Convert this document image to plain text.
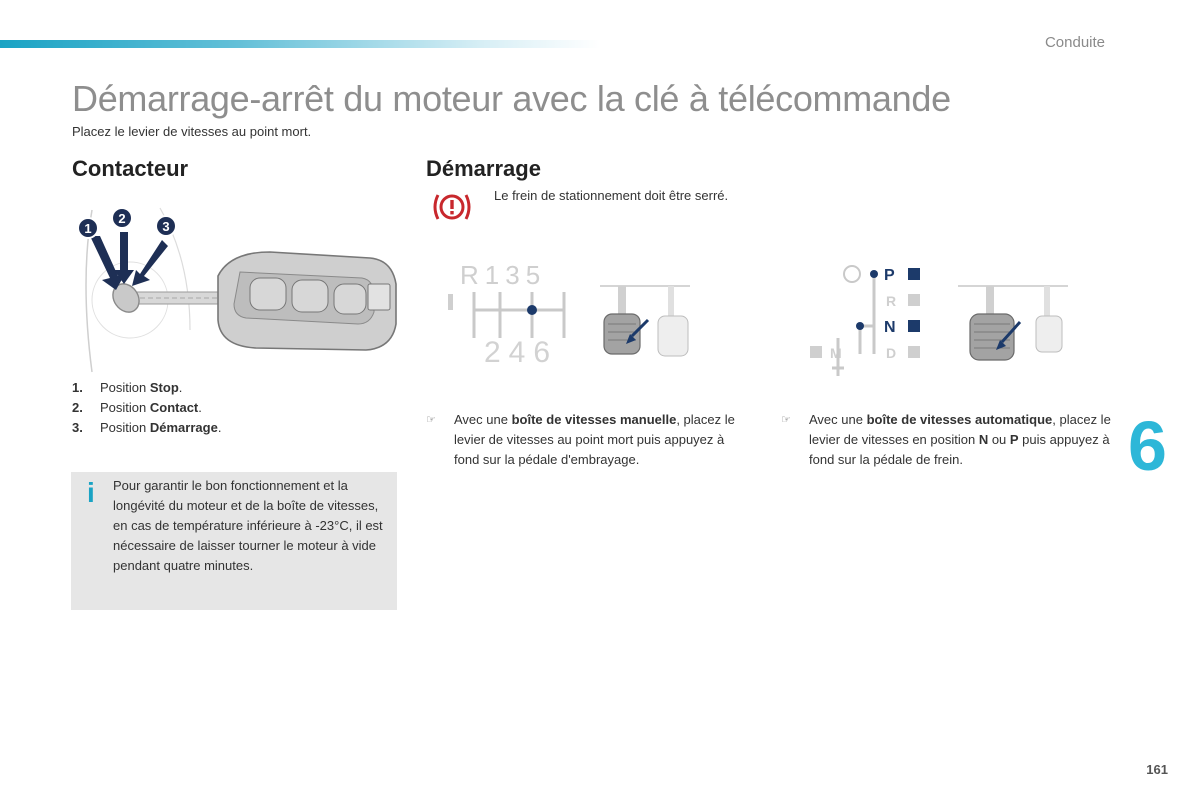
Conduite
Démarrage-arrêt du moteur avec la clé à télécommande
Placez le levier de vitesses au point mort.
Contacteur	Démarrage
1
2
3
1.	Position Stop.
2.	Position Contact.
3.	Position Démarrage.
i Pour garantir le bon fonctionnement et la longévité du moteur et de la boîte de vitesses, en cas de température inférieure à -23°C, il est nécessaire de laisser tourner le moteur à vide pendant quatre minutes.
Le frein de stationnement doit être serré.
R135
246
P
R
N
D
M
☞ Avec une boîte de vitesses manuelle, placez le levier de vitesses au point mort puis appuyez à fond sur la pédale d'embrayage.
☞ Avec une boîte de vitesses automatique, placez le levier de vitesses en position N ou P puis appuyez à fond sur la pédale de frein.	6
161
